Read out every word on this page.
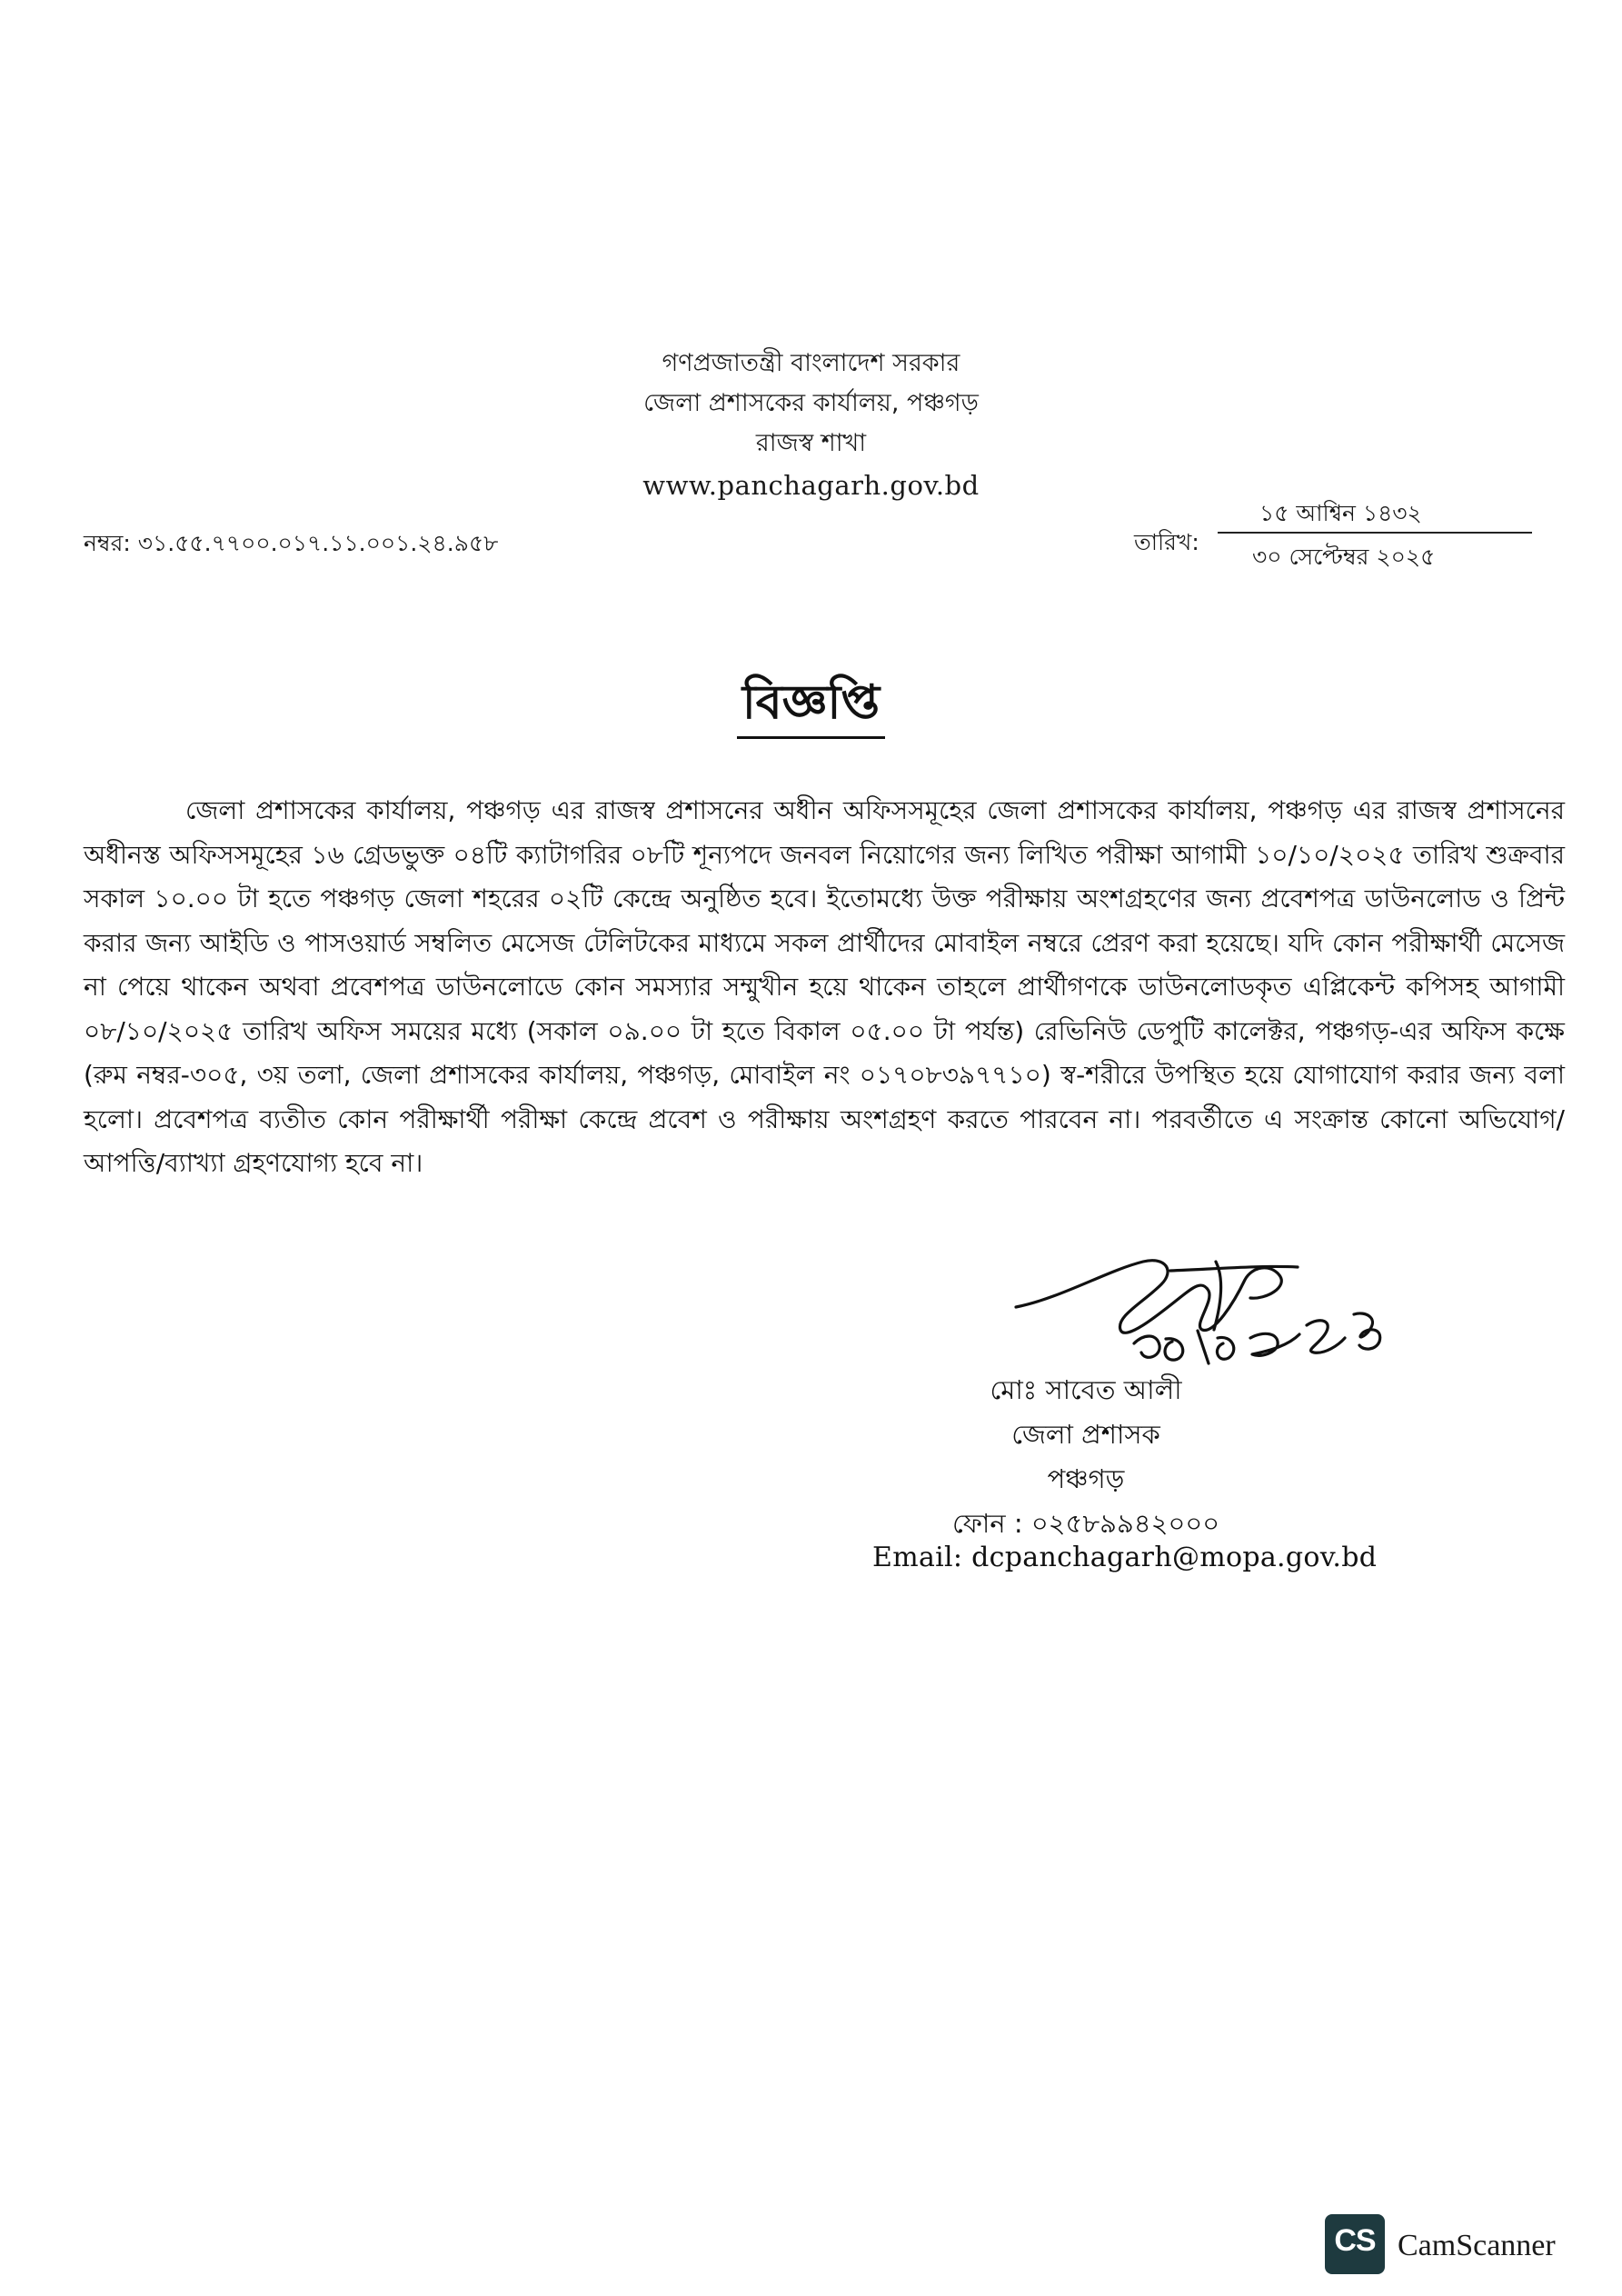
গণপ্রজাতন্ত্রী বাংলাদেশ সরকার
জেলা প্রশাসকের কার্যালয়, পঞ্চগড়
রাজস্ব শাখা
www.panchagarh.gov.bd
নম্বর: ৩১.৫৫.৭৭০০.০১৭.১১.০০১.২৪.৯৫৮	তারিখ:
১৫ আশ্বিন ১৪৩২
৩০ সেপ্টেম্বর ২০২৫
বিজ্ঞপ্তি
জেলা প্রশাসকের কার্যালয়, পঞ্চগড় এর রাজস্ব প্রশাসনের অধীন অফিসসমূহের জেলা প্রশাসকের কার্যালয়, পঞ্চগড় এর রাজস্ব প্রশাসনের অধীনস্ত অফিসসমূহের ১৬ গ্রেডভুক্ত ০৪টি ক্যাটাগরির ০৮টি শূন্যপদে জনবল নিয়োগের জন্য লিখিত পরীক্ষা আগামী ১০/১০/২০২৫ তারিখ শুক্রবার সকাল ১০.০০ টা হতে পঞ্চগড় জেলা শহরের ০২টি কেন্দ্রে অনুষ্ঠিত হবে। ইতোমধ্যে উক্ত পরীক্ষায় অংশগ্রহণের জন্য প্রবেশপত্র ডাউনলোড ও প্রিন্ট করার জন্য আইডি ও পাসওয়ার্ড সম্বলিত মেসেজ টেলিটকের মাধ্যমে সকল প্রার্থীদের মোবাইল নম্বরে প্রেরণ করা হয়েছে। যদি কোন পরীক্ষার্থী মেসেজ না পেয়ে থাকেন অথবা প্রবেশপত্র ডাউনলোডে কোন সমস্যার সম্মুখীন হয়ে থাকেন তাহলে প্রার্থীগণকে ডাউনলোডকৃত এপ্লিকেন্ট কপিসহ আগামী ০৮/১০/২০২৫ তারিখ অফিস সময়ের মধ্যে (সকাল ০৯.০০ টা হতে বিকাল ০৫.০০ টা পর্যন্ত) রেভিনিউ ডেপুটি কালেক্টর, পঞ্চগড়-এর অফিস কক্ষে (রুম নম্বর-৩০৫, ৩য় তলা, জেলা প্রশাসকের কার্যালয়, পঞ্চগড়, মোবাইল নং ০১৭০৮৩৯৭৭১০) স্ব-শরীরে উপস্থিত হয়ে যোগাযোগ করার জন্য বলা হলো। প্রবেশপত্র ব্যতীত কোন পরীক্ষার্থী পরীক্ষা কেন্দ্রে প্রবেশ ও পরীক্ষায় অংশগ্রহণ করতে পারবেন না। পরবর্তীতে এ সংক্রান্ত কোনো অভিযোগ/আপত্তি/ব্যাখ্যা গ্রহণযোগ্য হবে না।
মোঃ সাবেত আলী
জেলা প্রশাসক
পঞ্চগড়
ফোন : ০২৫৮৯৯৪২০০০
Email: dcpanchagarh@mopa.gov.bd
CS CamScanner
